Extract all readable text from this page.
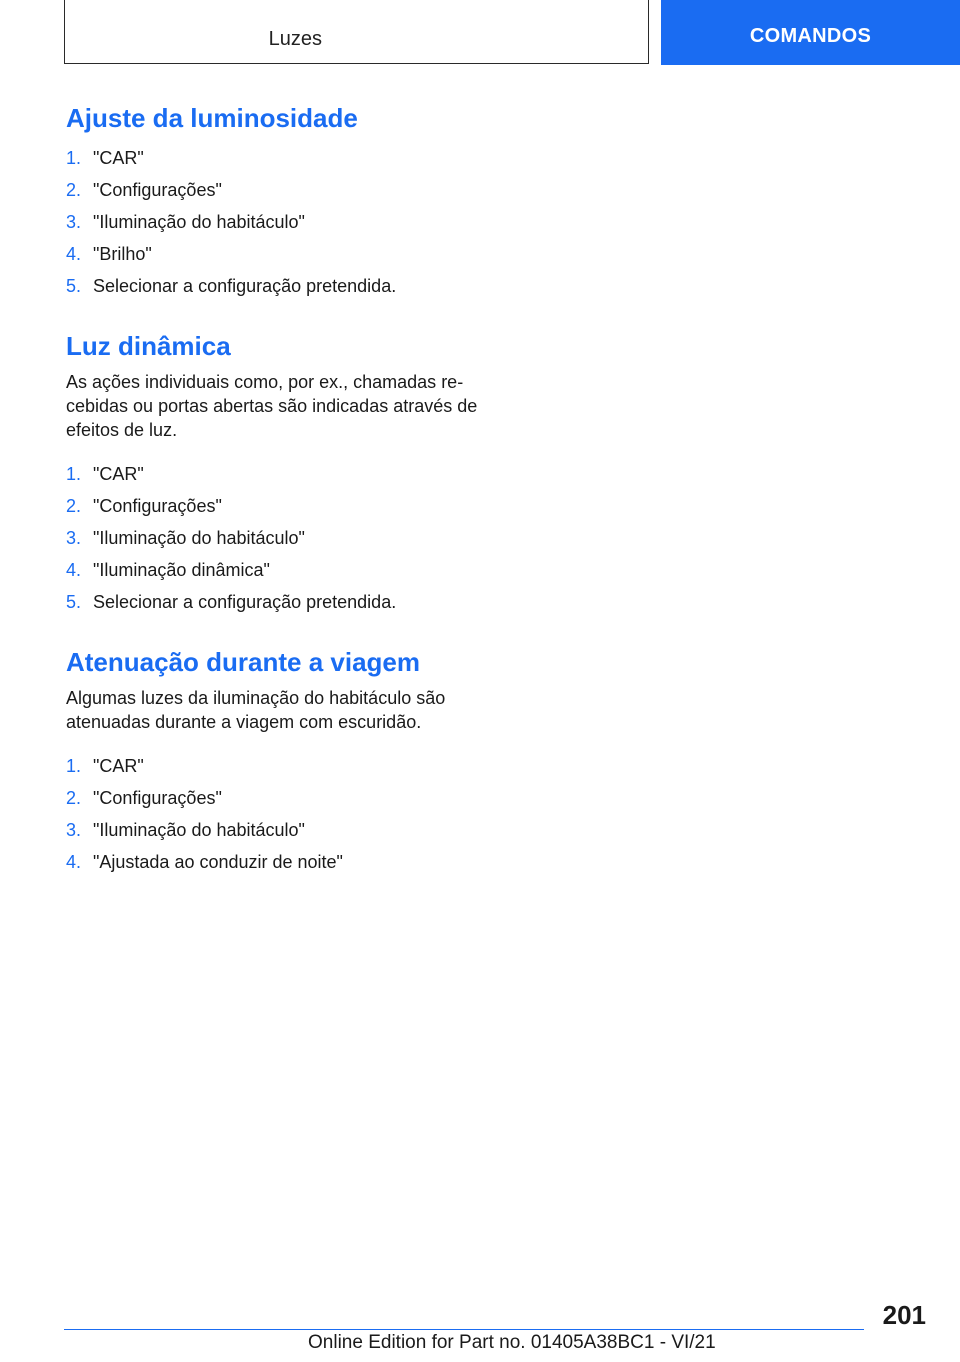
Luzes	COMANDOS
Ajuste da luminosidade
1. "CAR"
2. "Configurações"
3. "Iluminação do habitáculo"
4. "Brilho"
5. Selecionar a configuração pretendida.
Luz dinâmica

As ações individuais como, por ex., chamadas re-cebidas ou portas abertas são indicadas através de efeitos de luz.

1. "CAR"
2. "Configurações"
3. "Iluminação do habitáculo"
4. "Iluminação dinâmica"
5. Selecionar a configuração pretendida.
Atenuação durante a viagem

Algumas luzes da iluminação do habitáculo são atenuadas durante a viagem com escuridão.

1. "CAR"
2. "Configurações"
3. "Iluminação do habitáculo"
4. "Ajustada ao conduzir de noite"
201
Online Edition for Part no. 01405A38BC1 - VI/21
